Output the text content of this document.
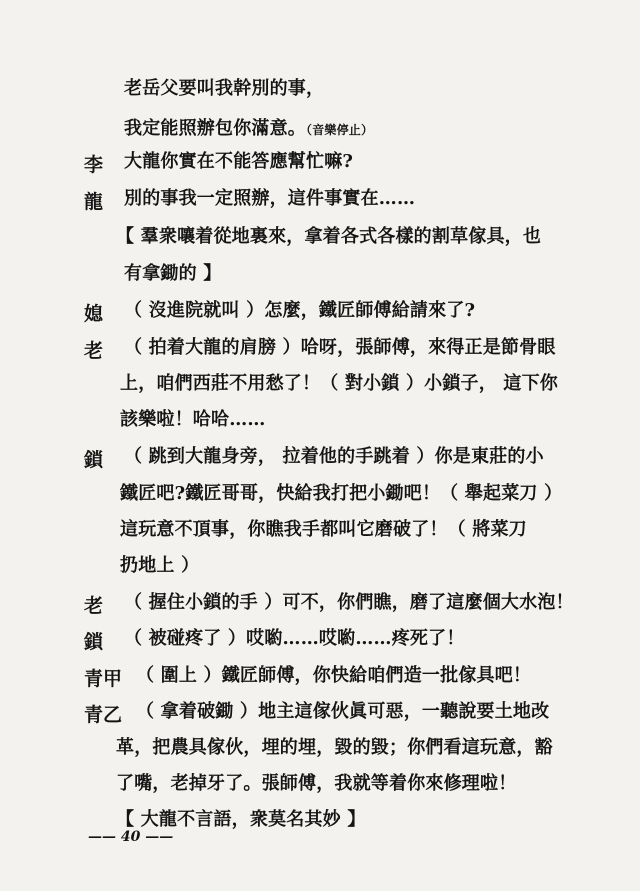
老岳父要叫我幹別的事，
我定能照辦包你滿意。（音樂停止）
李 大龍你實在不能答應幫忙嘛?
龍 別的事我一定照辦，這件事實在……
【 羣衆嚷着從地裏來，拿着各式各樣的割草傢具，也
有拿鋤的 】
媳 （ 沒進院就叫 ）怎麼，鐵匠師傅給請來了?
老 （ 拍着大龍的肩膀 ）哈呀，張師傅，來得正是節骨眼
上，咱們西莊不用愁了！（ 對小鎖 ）小鎖子， 這下你
該樂啦！哈哈……
鎖 （ 跳到大龍身旁， 拉着他的手跳着 ）你是東莊的小
鐵匠吧?鐵匠哥哥，快給我打把小鋤吧！（ 舉起菜刀 ）
這玩意不頂事，你瞧我手都叫它磨破了！（ 將菜刀
扔地上 ）
老 （ 握住小鎖的手 ）可不，你們瞧，磨了這麼個大水泡！
鎖 （ 被碰疼了 ）哎喲……哎喲……疼死了！
青甲 （ 圍上 ）鐵匠師傅，你快給咱們造一批傢具吧！
青乙 （ 拿着破鋤 ）地主這傢伙眞可惡，一聽說要土地改
革，把農具傢伙，埋的埋，毀的毀；你們看這玩意，豁
了嘴，老掉牙了。張師傅，我就等着你來修理啦！
【 大龍不言語，衆莫名其妙 】
—— 40 ——
